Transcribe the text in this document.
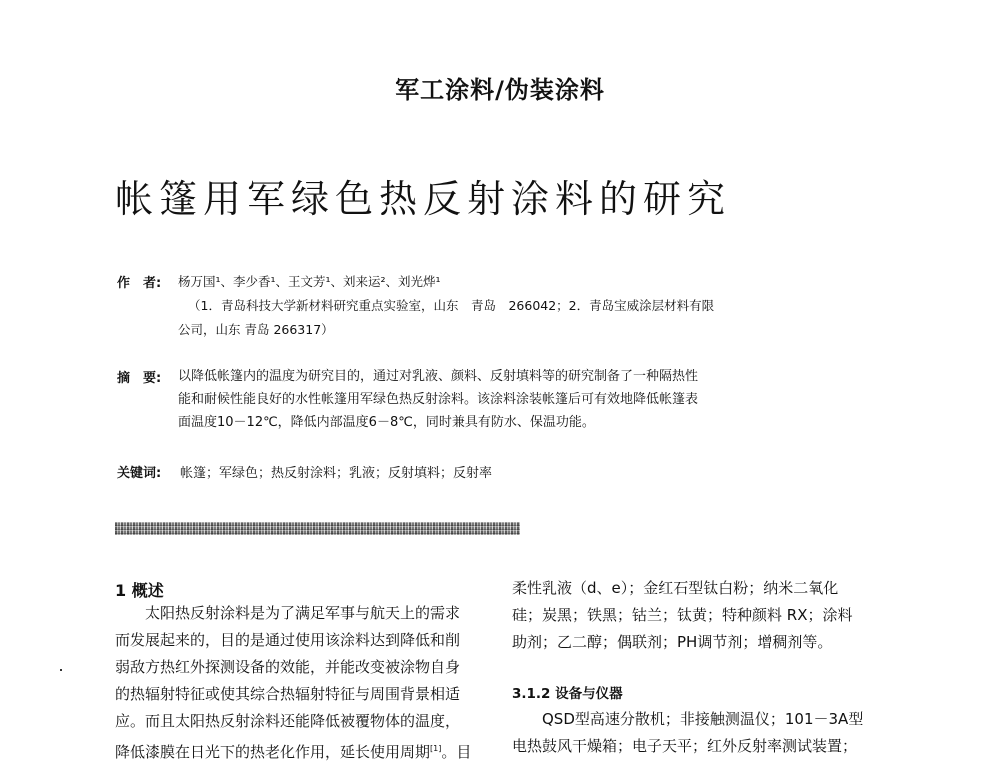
军工涂料/伪装涂料
帐篷用军绿色热反射涂料的研究
作　者: 杨万国¹、李少香¹、王文芳¹、刘来运²、刘光烨¹
（1．青岛科技大学新材料研究重点实验室，山东　青岛　266042；2．青岛宝威涂层材料有限
公司，山东 青岛 266317）
摘　要: 以降低帐篷内的温度为研究目的，通过对乳液、颜料、反射填料等的研究制备了一种隔热性
能和耐候性能良好的水性帐篷用军绿色热反射涂料。该涂料涂装帐篷后可有效地降低帐篷表
面温度10－12℃，降低内部温度6－8℃，同时兼具有防水、保温功能。
关键词: 帐篷；军绿色；热反射涂料；乳液；反射填料；反射率
1 概述
太阳热反射涂料是为了满足军事与航天上的需求
而发展起来的，目的是通过使用该涂料达到降低和削
弱敌方热红外探测设备的效能，并能改变被涂物自身
的热辐射特征或使其综合热辐射特征与周围背景相适
应。而且太阳热反射涂料还能降低被覆物体的温度，
降低漆膜在日光下的热老化作用，延长使用周期[1]。目
柔性乳液（d、e）；金红石型钛白粉；纳米二氧化
硅；炭黑；铁黑；钴兰；钛黄；特种颜料 RX；涂料
助剂；乙二醇；偶联剂；PH调节剂；增稠剂等。
3.1.2 设备与仪器
QSD型高速分散机；非接触测温仪；101－3A型
电热鼓风干燥箱；电子天平；红外反射率测试装置；
